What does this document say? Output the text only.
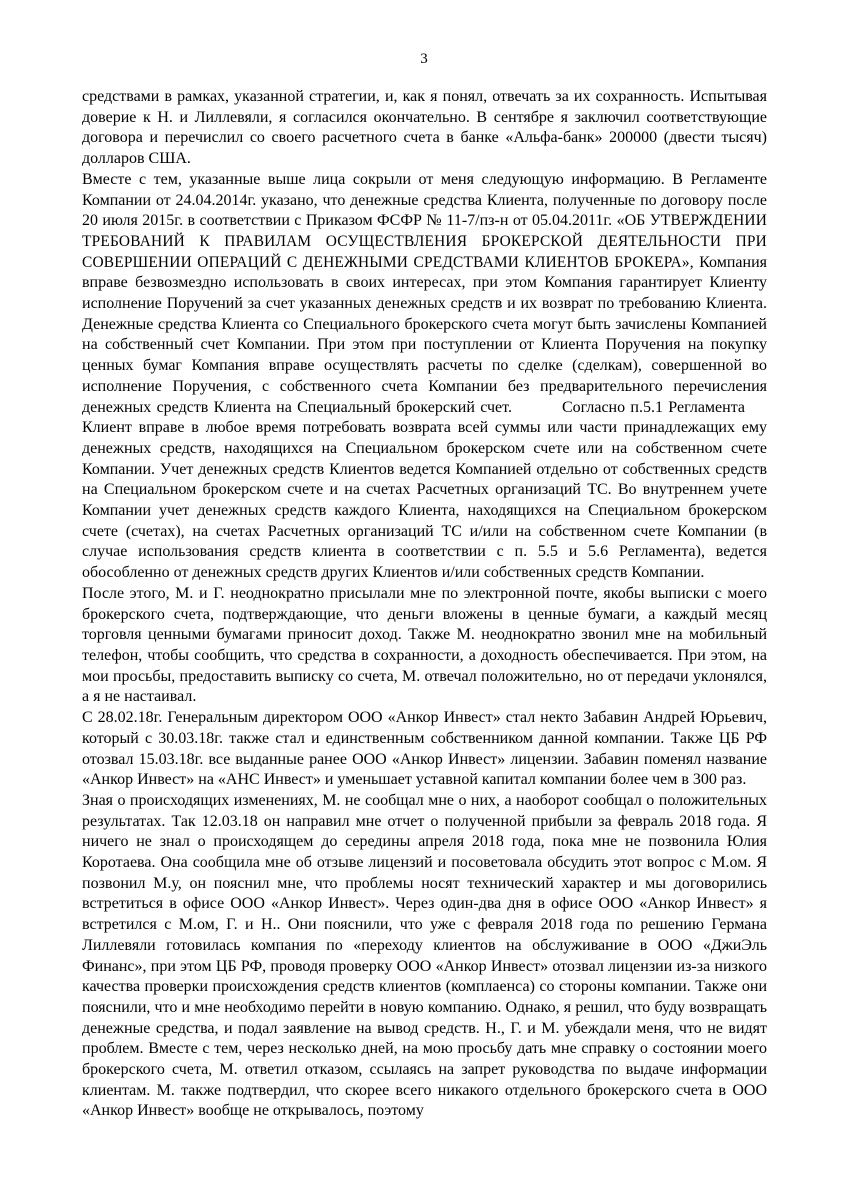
3

средствами в рамках, указанной стратегии, и, как я понял, отвечать за их сохранность. Испытывая доверие к Н. и Лиллевяли, я согласился окончательно. В сентябре я заключил соответствующие договора и перечислил со своего расчетного счета в банке «Альфа-банк» 200000 (двести тысяч) долларов США.

Вместе с тем, указанные выше лица сокрыли от меня следующую информацию. В Регламенте Компании от 24.04.2014г. указано, что денежные средства Клиента, полученные по договору после 20 июля 2015г. в соответствии с Приказом ФСФР № 11-7/пз-н от 05.04.2011г. «ОБ УТВЕРЖДЕНИИ ТРЕБОВАНИЙ К ПРАВИЛАМ ОСУЩЕСТВЛЕНИЯ БРОКЕРСКОЙ ДЕЯТЕЛЬНОСТИ ПРИ СОВЕРШЕНИИ ОПЕРАЦИЙ С ДЕНЕЖНЫМИ СРЕДСТВАМИ КЛИЕНТОВ БРОКЕРА», Компания вправе безвозмездно использовать в своих интересах, при этом Компания гарантирует Клиенту исполнение Поручений за счет указанных денежных средств и их возврат по требованию Клиента. Денежные средства Клиента со Специального брокерского счета могут быть зачислены Компанией на собственный счет Компании. При этом при поступлении от Клиента Поручения на покупку ценных бумаг Компания вправе осуществлять расчеты по сделке (сделкам), совершенной во исполнение Поручения, с собственного счета Компании без предварительного перечисления денежных средств Клиента на Специальный брокерский счет.	Согласно п.5.1 РегламентаКлиент вправе в любое время потребовать возврата всей суммы или части принадлежащих ему денежных средств, находящихся на Специальном брокерском счете или на собственном счете Компании. Учет денежных средств Клиентов ведется Компанией отдельно от собственных средств на Специальном брокерском счете и на счетах Расчетных организаций ТС. Во внутреннем учете Компании учет денежных средств каждого Клиента, находящихся на Специальном брокерском счете (счетах), на счетах Расчетных организаций ТС и/или на собственном счете Компании (в случае использования средств клиента в соответствии с п. 5.5 и 5.6 Регламента), ведется обособленно от денежных средств других Клиентов и/или собственных средств Компании.

После этого, М. и Г. неоднократно присылали мне по электронной почте, якобы выписки с моего брокерского счета, подтверждающие, что деньги вложены в ценные бумаги, а каждый месяц торговля ценными бумагами приносит доход. Также М. неоднократно звонил мне на мобильный телефон, чтобы сообщить, что средства в сохранности, а доходность обеспечивается. При этом, на мои просьбы, предоставить выписку со счета, М. отвечал положительно, но от передачи уклонялся, а я не настаивал.

С 28.02.18г. Генеральным директором ООО «Анкор Инвест» стал некто Забавин Андрей Юрьевич, который с 30.03.18г. также стал и единственным собственником данной компании. Также ЦБ РФ отозвал 15.03.18г. все выданные ранее ООО «Анкор Инвест» лицензии. Забавин поменял название «Анкор Инвест» на «АНС Инвест» и уменьшает уставной капитал компании более чем в 300 раз.

Зная о происходящих изменениях, М. не сообщал мне о них, а наоборот сообщал о положительных результатах. Так 12.03.18 он направил мне отчет о полученной прибыли за февраль 2018 года. Я ничего не знал о происходящем до середины апреля 2018 года, пока мне не позвонила Юлия Коротаева. Она сообщила мне об отзыве лицензий и посоветовала обсудить этот вопрос с М.ом. Я позвонил М.у, он пояснил мне, что проблемы носят технический характер и мы договорились встретиться в офисе ООО «Анкор Инвест». Через один-два дня в офисе ООО «Анкор Инвест» я встретился с М.ом, Г. и Н.. Они пояснили, что уже с февраля 2018 года по решению Германа Лиллевяли готовилась компания по «переходу клиентов на обслуживание в ООО «ДжиЭль Финанс», при этом ЦБ РФ, проводя проверку ООО «Анкор Инвест» отозвал лицензии из-за низкого качества проверки происхождения средств клиентов (комплаенса) со стороны компании. Также они пояснили, что и мне необходимо перейти в новую компанию. Однако, я решил, что буду возвращать денежные средства, и подал заявление на вывод средств. Н., Г. и М. убеждали меня, что не видят проблем. Вместе с тем, через несколько дней, на мою просьбу дать мне справку о состоянии моего брокерского счета, М. ответил отказом, ссылаясь на запрет руководства по выдаче информации клиентам. М. также подтвердил, что скорее всего никакого отдельного брокерского счета в ООО «Анкор Инвест» вообще не открывалось, поэтому
